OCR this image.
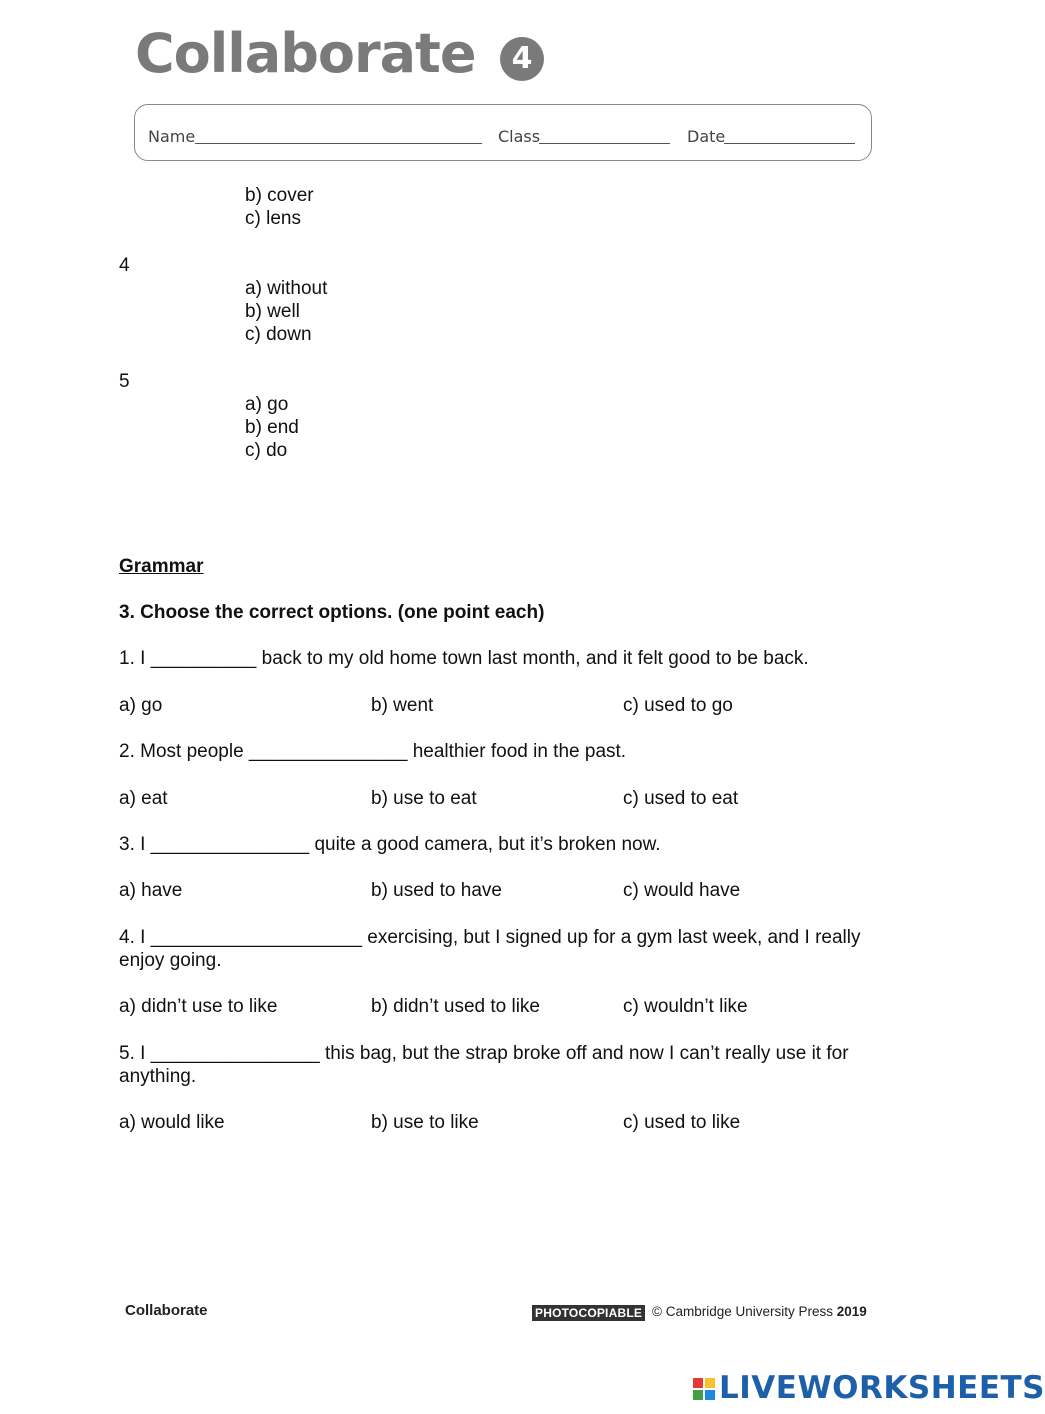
Collaborate	4
Name	Class	Date
b) cover
c) lens
4
a) without
b) well
c) down
5
a) go
b) end
c) do
Grammar
3. Choose the correct options. (one point each)
1. I __________ back to my old home town last month, and it felt good to be back.
a) go	b) went	c) used to go
2. Most people _______________ healthier food in the past.
a) eat	b) use to eat	c) used to eat
3. I _______________ quite a good camera, but it’s broken now.
a) have	b) used to have	c) would have
4. I ____________________ exercising, but I signed up for a gym last week, and I really enjoy going.
a) didn’t use to like	b) didn’t used to like	c) wouldn’t like
5. I ________________ this bag, but the strap broke off and now I can’t really use it for anything.
a) would like	b) use to like	c) used to like
Collaborate	PHOTOCOPIABLE © Cambridge University Press 2019
LIVEWORKSHEETS
